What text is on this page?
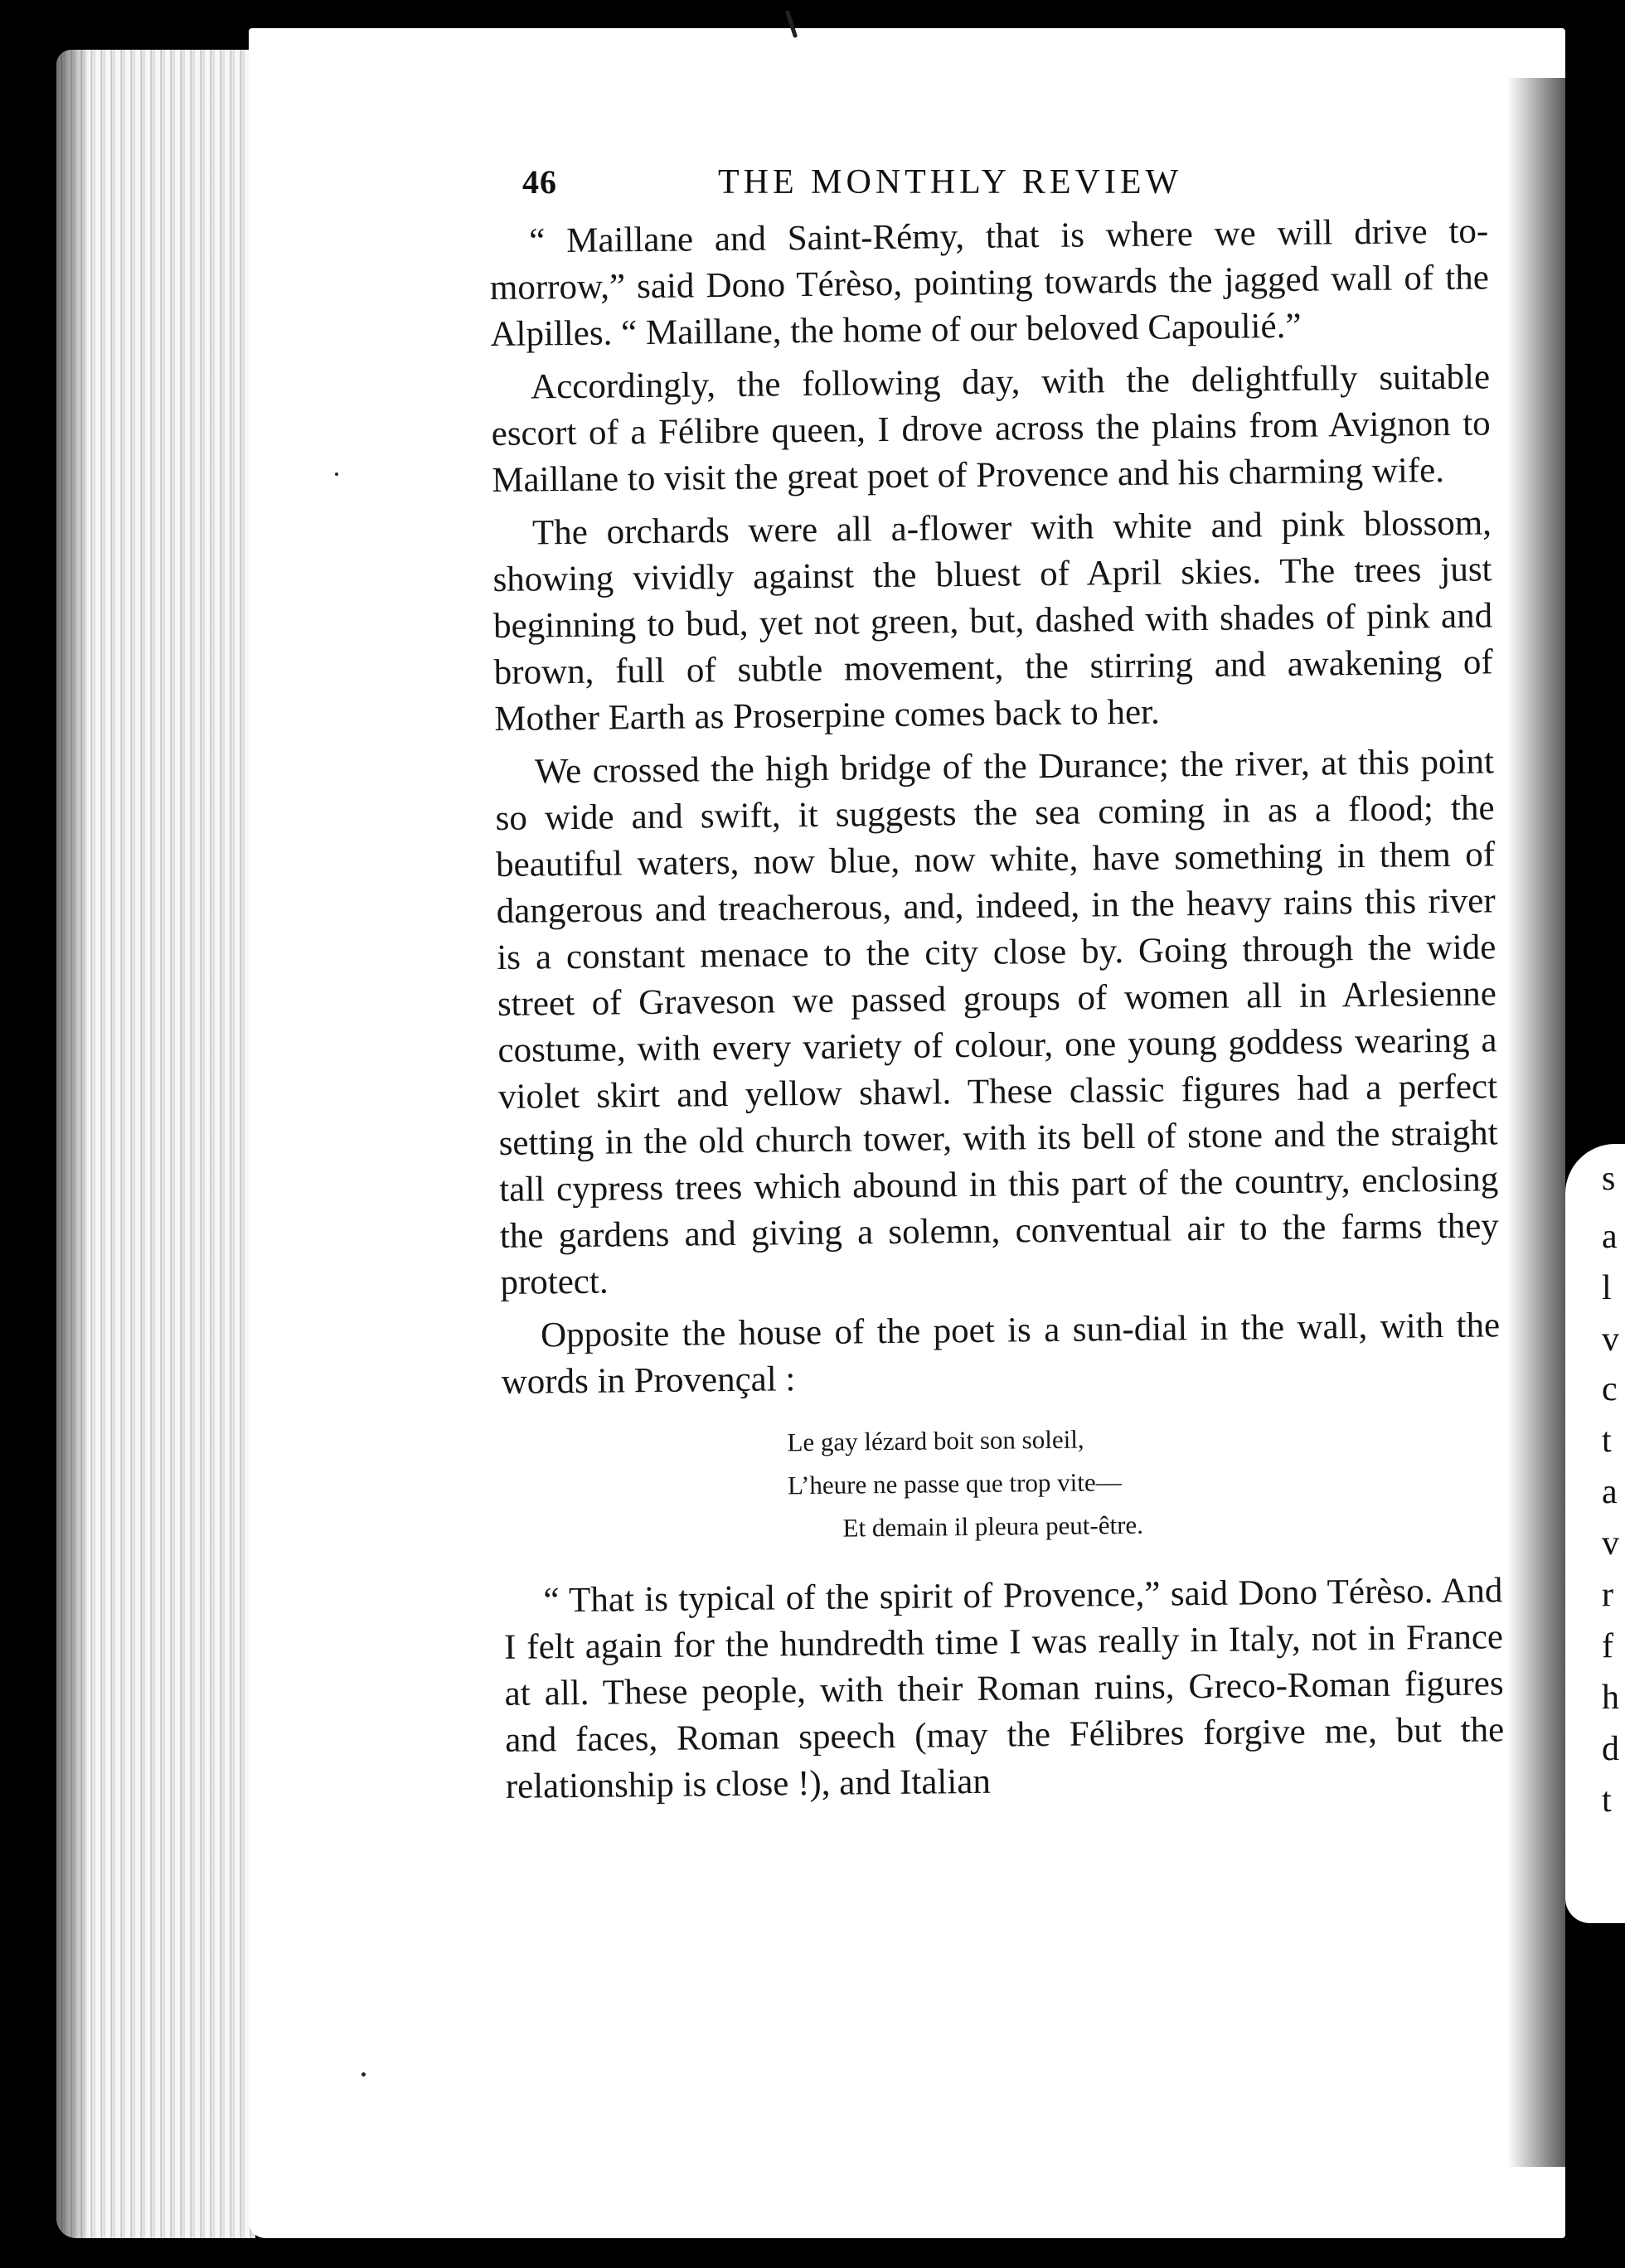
s
a
l
v
c
t
a
v
r
f
h
d
t
46	THE MONTHLY REVIEW

“ Maillane and Saint-Rémy, that is where we will drive to-morrow,” said Dono Térèso, pointing towards the jagged wall of the Alpilles. “ Maillane, the home of our beloved Capoulié.”

Accordingly, the following day, with the delightfully suitable escort of a Félibre queen, I drove across the plains from Avignon to Maillane to visit the great poet of Provence and his charming wife.

The orchards were all a-flower with white and pink blossom, showing vividly against the bluest of April skies. The trees just beginning to bud, yet not green, but, dashed with shades of pink and brown, full of subtle movement, the stirring and awakening of Mother Earth as Proserpine comes back to her.

We crossed the high bridge of the Durance; the river, at this point so wide and swift, it suggests the sea coming in as a flood; the beautiful waters, now blue, now white, have something in them of dangerous and treacherous, and, indeed, in the heavy rains this river is a constant menace to the city close by. Going through the wide street of Graveson we passed groups of women all in Arlesienne costume, with every variety of colour, one young goddess wearing a violet skirt and yellow shawl. These classic figures had a perfect setting in the old church tower, with its bell of stone and the straight tall cypress trees which abound in this part of the country, enclosing the gardens and giving a solemn, conventual air to the farms they protect.

Opposite the house of the poet is a sun-dial in the wall, with the words in Provençal :

Le gay lézard boit son soleil,
L’heure ne passe que trop vite—
Et demain il pleura peut-être.

“ That is typical of the spirit of Provence,” said Dono Térèso. And I felt again for the hundredth time I was really in Italy, not in France at all. These people, with their Roman ruins, Greco-Roman figures and faces, Roman speech (may the Félibres forgive me, but the relationship is close !), and Italian
